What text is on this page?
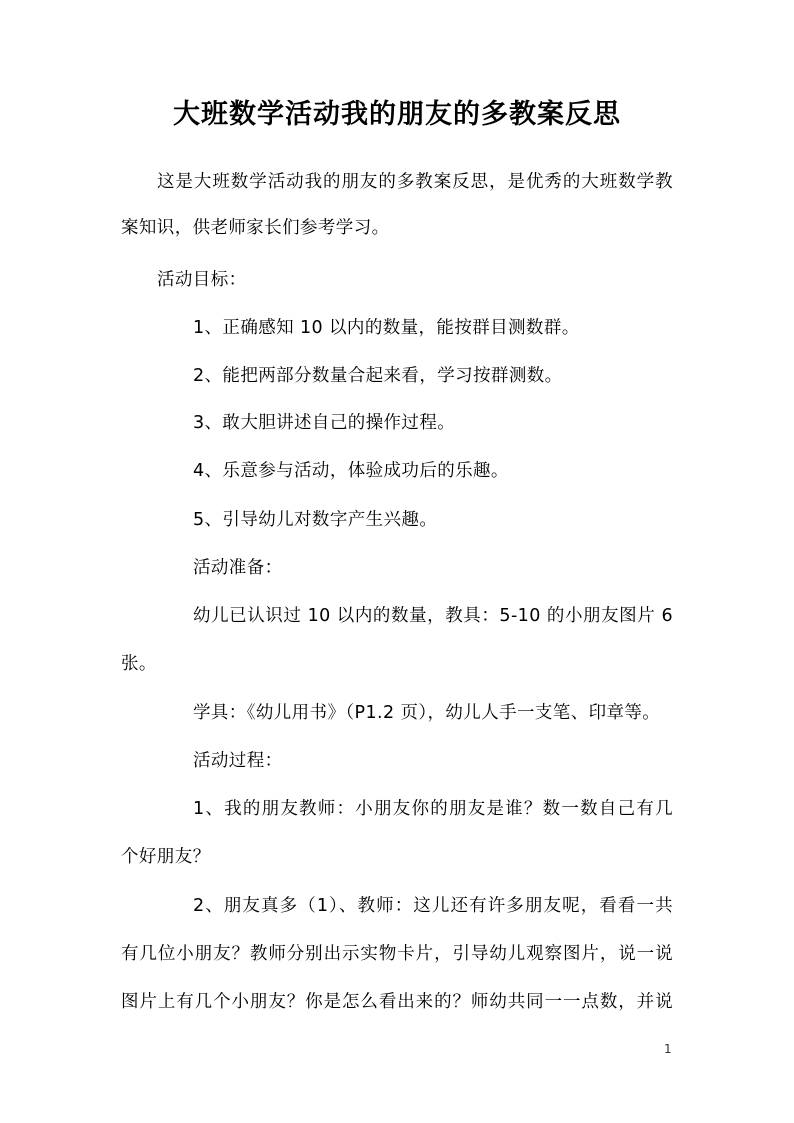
大班数学活动我的朋友的多教案反思
这是大班数学活动我的朋友的多教案反思，是优秀的大班数学教
案知识，供老师家长们参考学习。
活动目标：
1、正确感知 10 以内的数量，能按群目测数群。
2、能把两部分数量合起来看，学习按群测数。
3、敢大胆讲述自己的操作过程。
4、乐意参与活动，体验成功后的乐趣。
5、引导幼儿对数字产生兴趣。
活动准备：
幼儿已认识过 10 以内的数量，教具：5-10 的小朋友图片 6
张。
学具：《幼儿用书》（P1.2 页），幼儿人手一支笔、印章等。
活动过程：
1、我的朋友教师：小朋友你的朋友是谁？数一数自己有几
个好朋友？
2、朋友真多（1）、教师：这儿还有许多朋友呢，看看一共
有几位小朋友？教师分别出示实物卡片，引导幼儿观察图片，说一说
图片上有几个小朋友？你是怎么看出来的？师幼共同一一点数，并说
1
